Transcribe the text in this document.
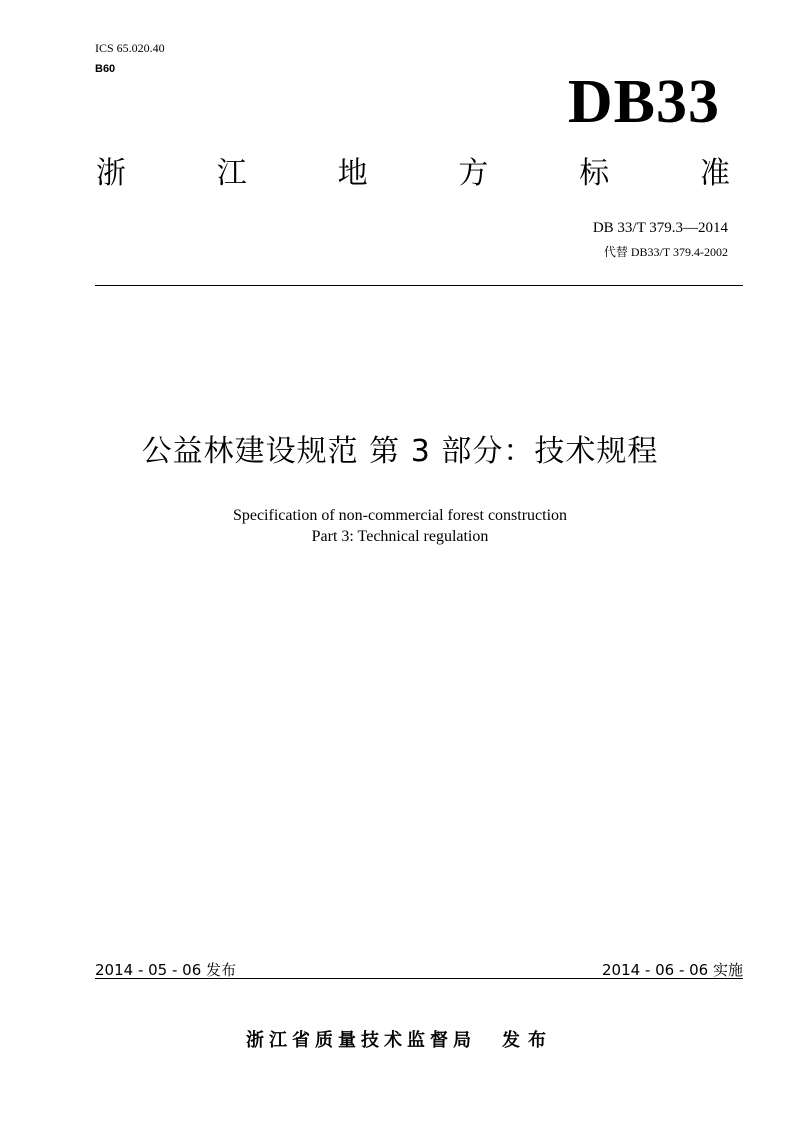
ICS 65.020.40
B60	DB33
浙	江	地	方	标	准
DB 33/T 379.3—2014
代替 DB33/T 379.4-2002
公益林建设规范 第 3 部分：技术规程
Specification of non-commercial forest construction
Part 3: Technical regulation
2014 - 05 - 06 发布	2014 - 06 - 06 实施
浙江省质量技术监督局 发布
